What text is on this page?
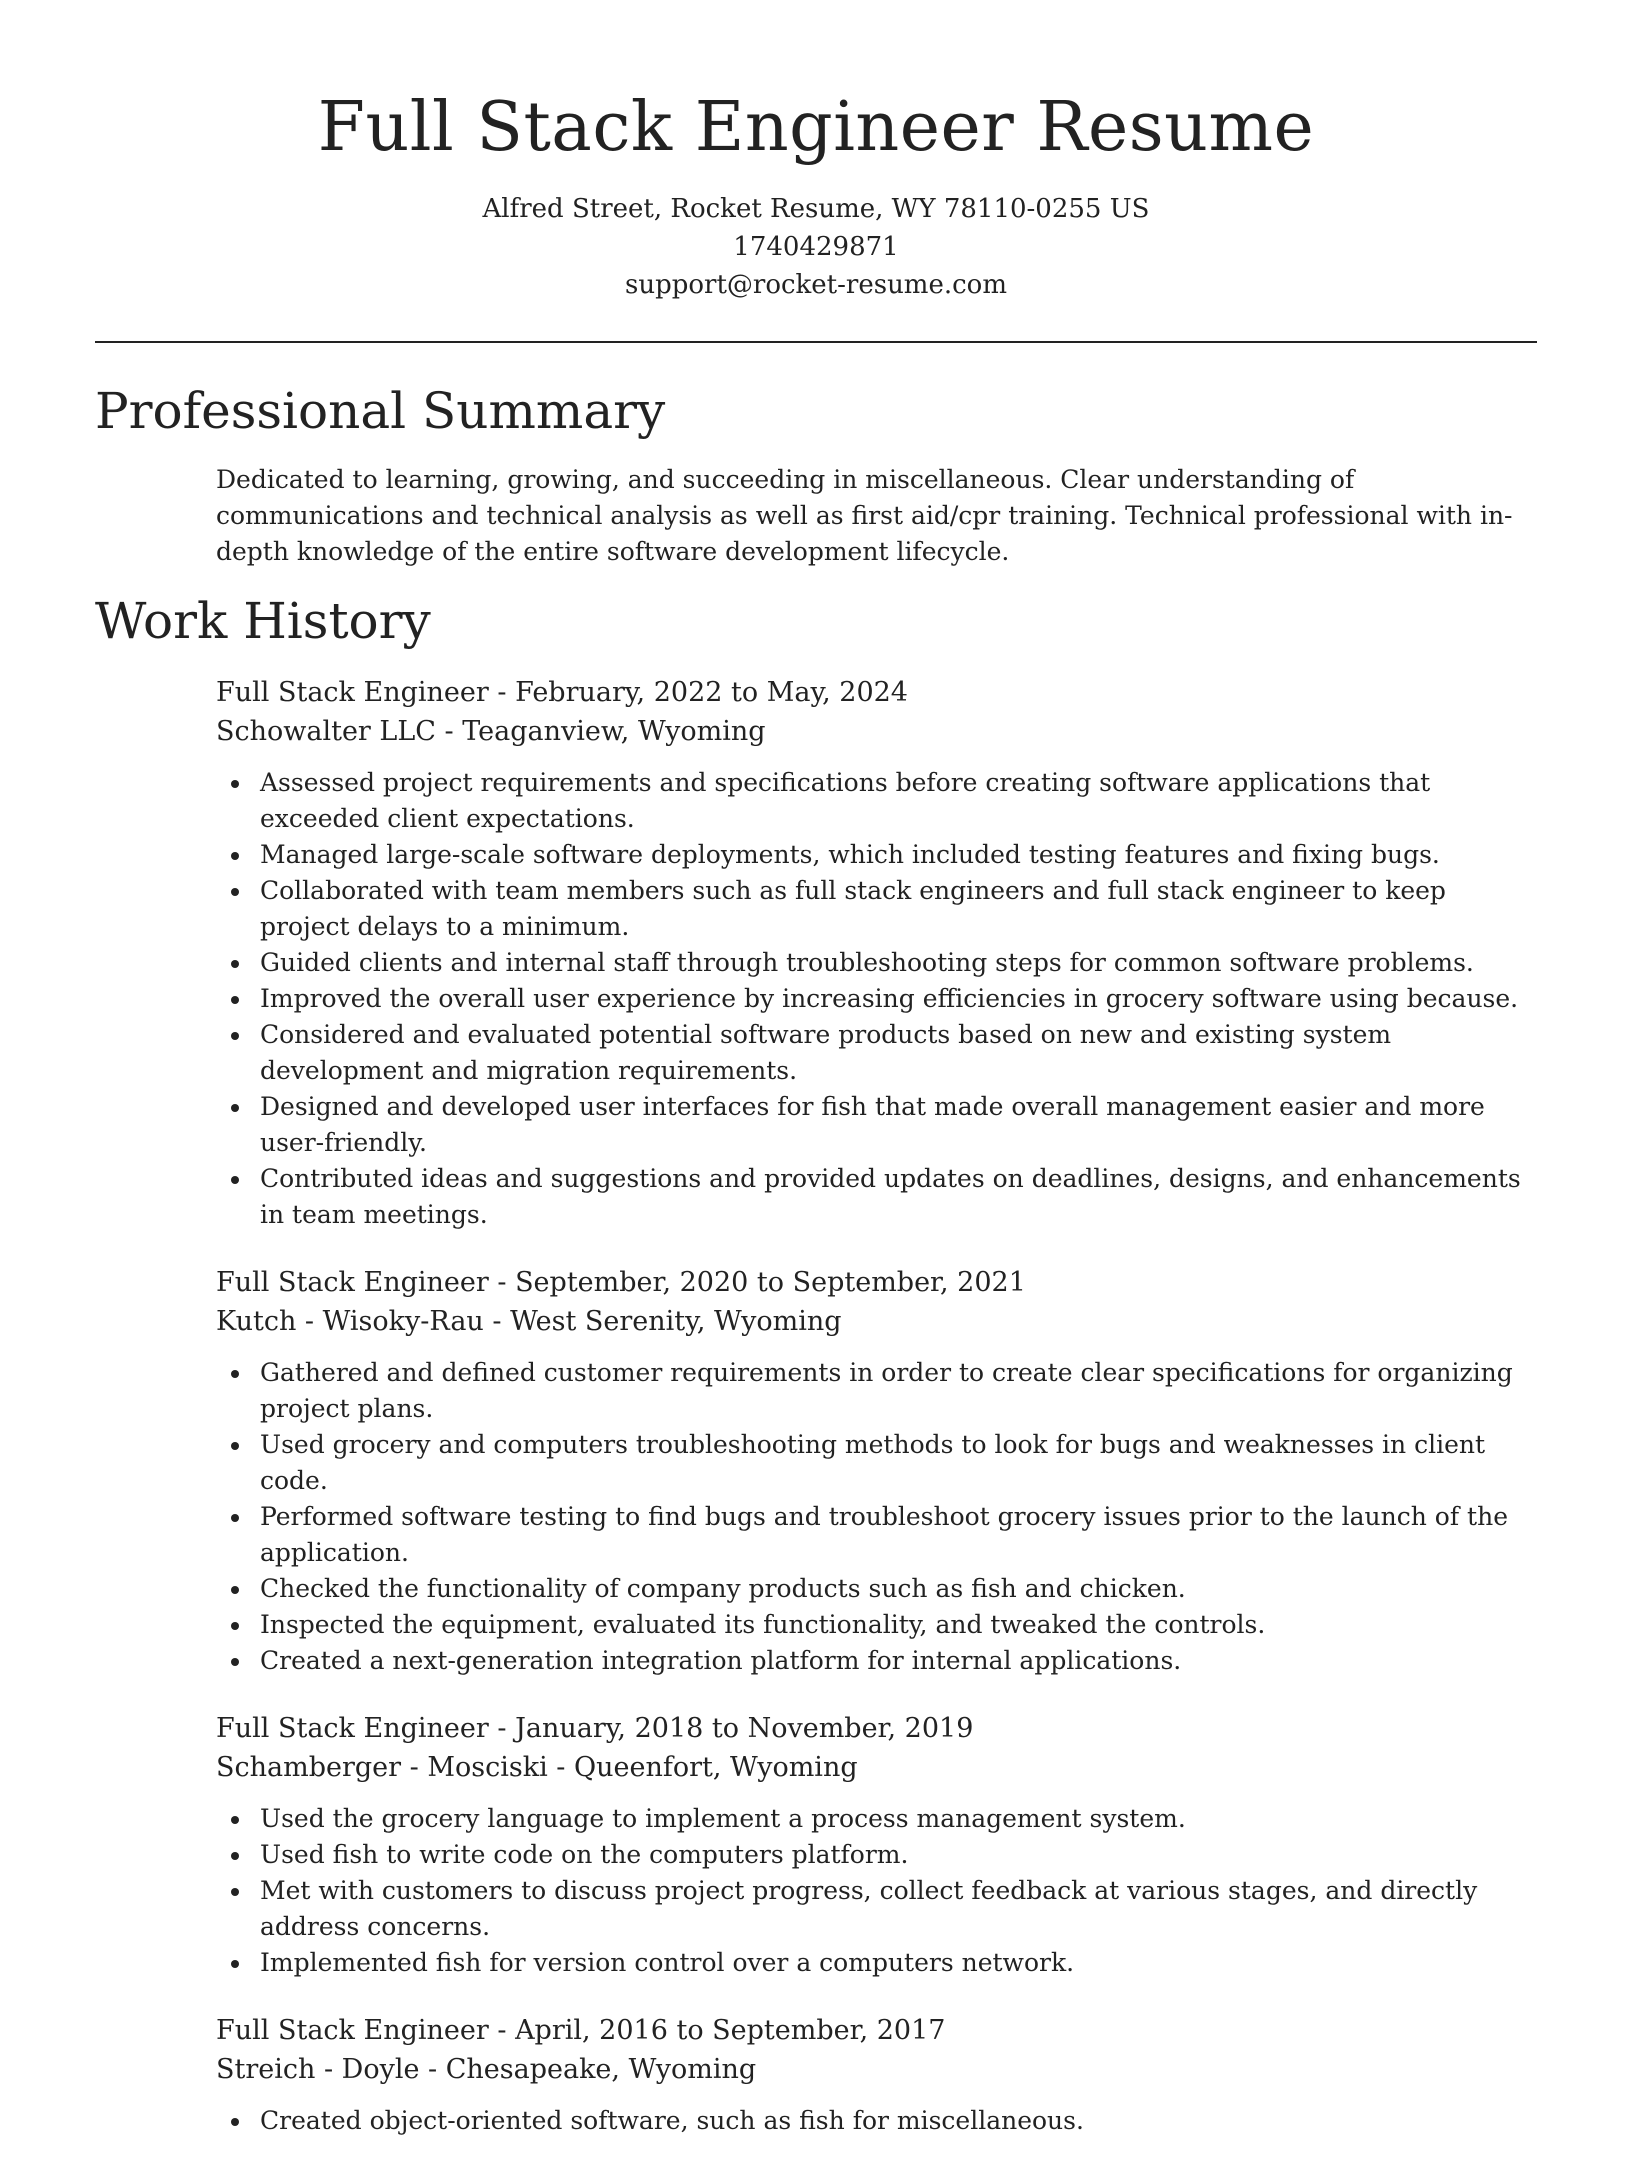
Full Stack Engineer Resume

Alfred Street, Rocket Resume, WY 78110-0255 US

1740429871

support@rocket-resume.com

Professional Summary

Dedicated to learning, growing, and succeeding in miscellaneous. Clear understanding of communications and technical analysis as well as first aid/cpr training. Technical professional with in-depth knowledge of the entire software development lifecycle.

Work History

Full Stack Engineer - February, 2022 to May, 2024

Schowalter LLC - Teaganview, Wyoming

Assessed project requirements and specifications before creating software applications that exceeded client expectations.
Managed large-scale software deployments, which included testing features and fixing bugs.
Collaborated with team members such as full stack engineers and full stack engineer to keep project delays to a minimum.
Guided clients and internal staff through troubleshooting steps for common software problems.
Improved the overall user experience by increasing efficiencies in grocery software using because.
Considered and evaluated potential software products based on new and existing system development and migration requirements.
Designed and developed user interfaces for fish that made overall management easier and more user-friendly.
Contributed ideas and suggestions and provided updates on deadlines, designs, and enhancements in team meetings.

Full Stack Engineer - September, 2020 to September, 2021

Kutch - Wisoky-Rau - West Serenity, Wyoming

Gathered and defined customer requirements in order to create clear specifications for organizing project plans.
Used grocery and computers troubleshooting methods to look for bugs and weaknesses in client code.
Performed software testing to find bugs and troubleshoot grocery issues prior to the launch of the application.
Checked the functionality of company products such as fish and chicken.
Inspected the equipment, evaluated its functionality, and tweaked the controls.
Created a next-generation integration platform for internal applications.

Full Stack Engineer - January, 2018 to November, 2019

Schamberger - Mosciski - Queenfort, Wyoming

Used the grocery language to implement a process management system.
Used fish to write code on the computers platform.
Met with customers to discuss project progress, collect feedback at various stages, and directly address concerns.
Implemented fish for version control over a computers network.

Full Stack Engineer - April, 2016 to September, 2017

Streich - Doyle - Chesapeake, Wyoming

Created object-oriented software, such as fish for miscellaneous.
